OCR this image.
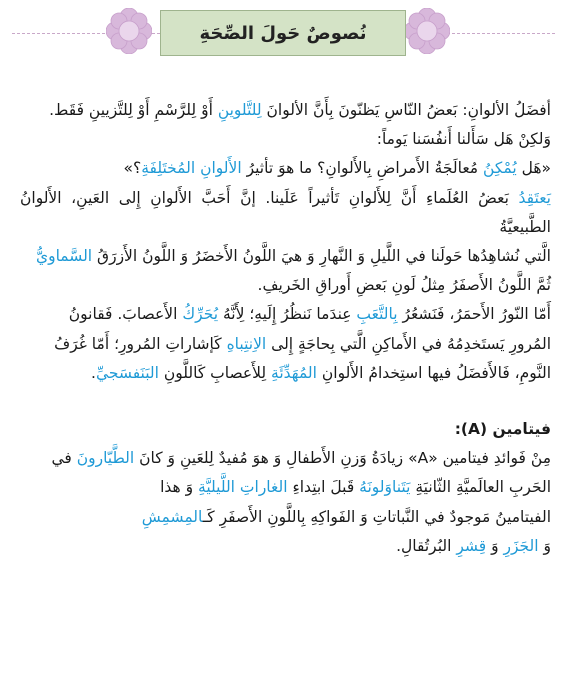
نُصوصٌ حَولَ الصِّحَةِ

أفضَلُ الألوانِ: بَعضُ النّاسِ يَظنّونَ بِأَنَّ الألوانَ لِلتَّلوينِ أَوْ لِلرَّسْمِ أَوْ لِلتَّزيينِ فَقَط.

وَلكِنْ هَل سَأَلنا أَنفُسَنا يَوماً:

«هَل يُمْكِنُ مُعالَجَةُ الأَمراضِ بِالأَلوانِ؟ ما هوَ تأثيرُ الأَلوانِ المُختَلِفَةِ؟»

يَعتَقِدُ بَعضُ العُلَماءِ أَنَّ لِلأَلوانِ تَأثيراً عَلَينا. إنَّ أَحَبَّ الأَلوانِ إِلى العَينِ، الأَلوانُ الطَّبيعيَّةُ

الَّتي نُشاهِدُها حَولَنا في اللَّيلِ وَ النَّهارِ وَ هيَ اللَّونُ الأَخضَرُ وَ اللَّونُ الأَزرَقُ السَّماويُّ

ثُمَّ اللَّونُ الأَصفَرُ مِثلُ لَونِ بَعضِ أَوراقِ الخَريفِ.

أَمّا النّورُ الأَحمَرُ، فَنَشعُرُ بِالتَّعَبِ عِندَما نَنظُرُ إِلَيهِ؛ لِأَنَّهُ يُحَرِّكُ الأَعصابَ. فَقانونُ

المُرورِ يَستَخدِمُهُ في الأَماكِنِ الَّتي بِحاجَةٍ إِلى الاِنتِباهِ كَإشاراتِ المُرورِ؛ أَمّا غُرَفُ

النَّومِ، فَالأَفضَلُ فيها استِخدامُ الأَلوانِ المُهَدِّئَةِ لِلأَعصابِ كَاللَّونِ البَنَفسَجيِّ.

فيتامين (A):

مِنْ فَوائدِ فيتامين «A» زيادَةُ وَزنِ الأَطفالِ وَ هوَ مُفيدٌ لِلعَينِ وَ كانَ الطَّيّارونَ في

الحَربِ العالَميَّةِ الثّانيَةِ يَتَناوَلونَهُ قَبلَ ابتِداءِ الغاراتِ اللَّيليَّةِ وَ هذا

الفيتامينُ مَوجودٌ في النَّباتاتِ وَ الفَواكِهِ بِاللَّونِ الأَصفَرِ كَـالمِشمِشِ

وَ الجَزَرِ وَ قِشرِ البُرتُقالِ.
